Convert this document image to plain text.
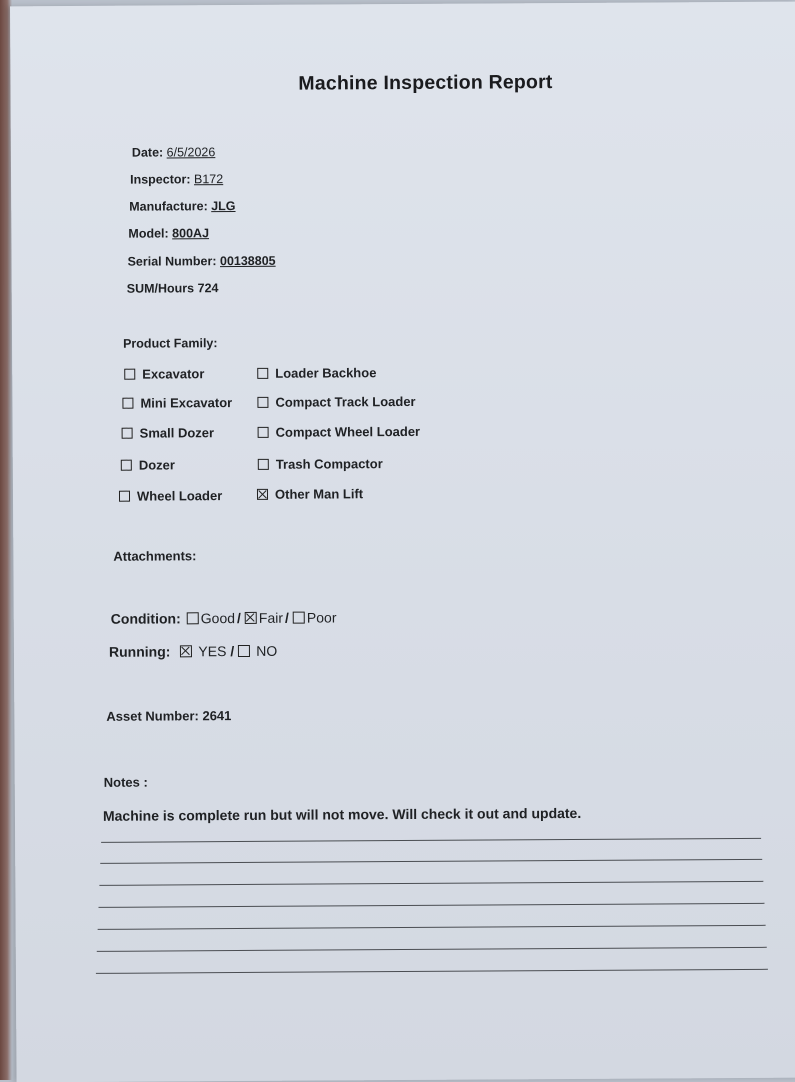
Machine Inspection Report
Date: 6/5/2026
Inspector: B172
Manufacture: JLG
Model: 800AJ
Serial Number: 00138805
SUM/Hours 724
Product Family:
Excavator
Mini Excavator
Small Dozer
Dozer
Wheel Loader
Loader Backhoe
Compact Track Loader
Compact Wheel Loader
Trash Compactor
Other Man Lift
Attachments:
Condition: Good / Fair / Poor
Running: YES / NO
Asset Number: 2641
Notes :
Machine is complete run but will not move. Will check it out and update.
